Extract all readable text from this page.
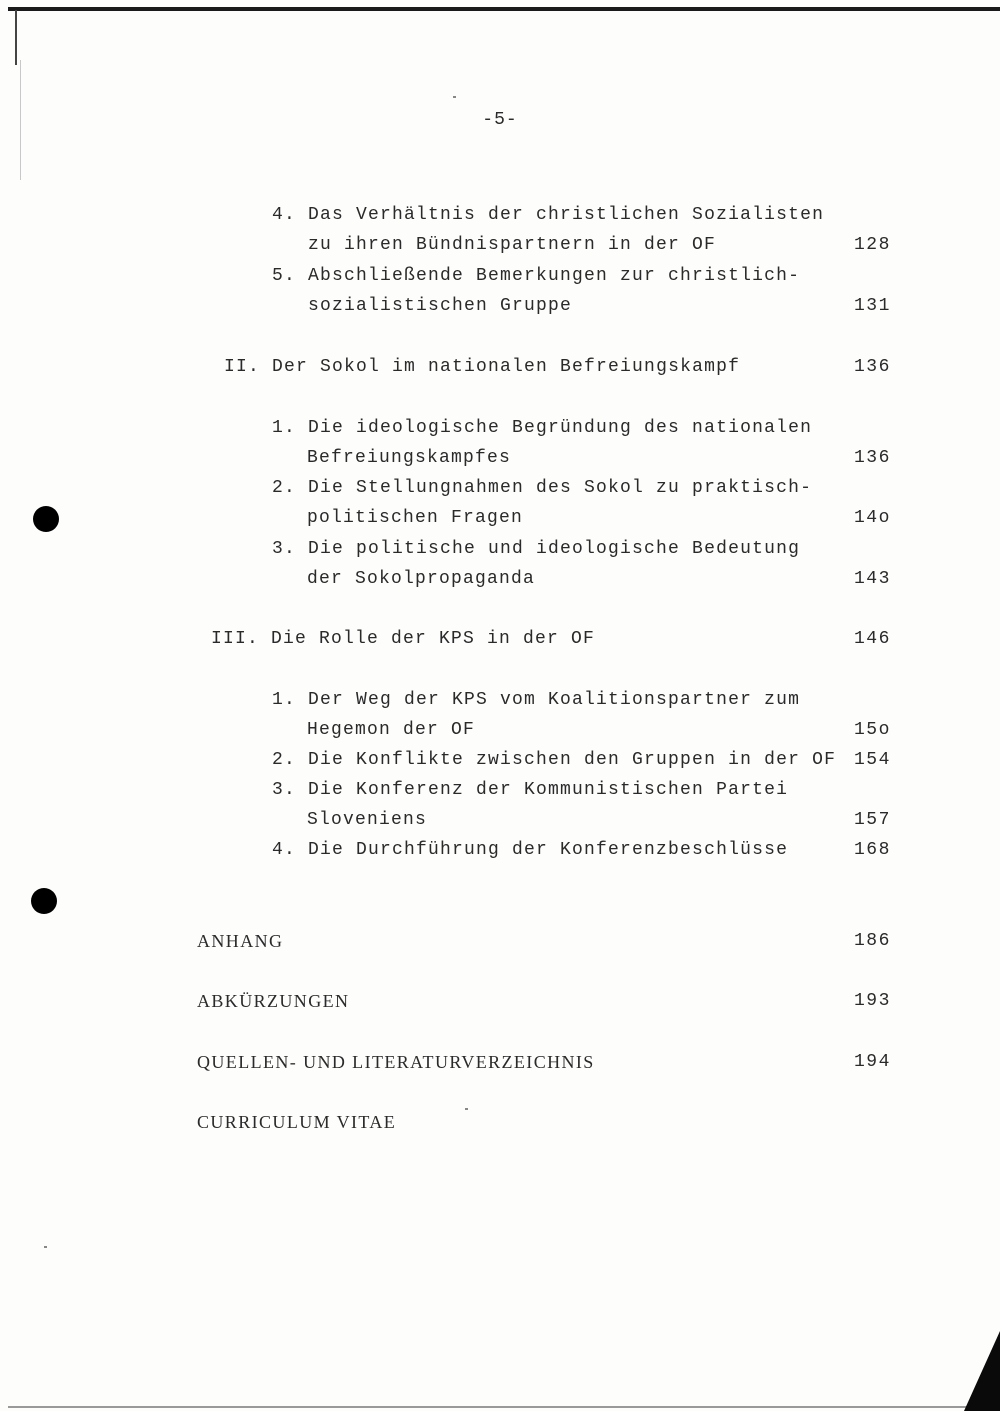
-5-
4. Das Verhältnis der christlichen Sozialisten
zu ihren Bündnispartnern in der OF	128
5. Abschließende Bemerkungen zur christlich-
sozialistischen Gruppe	131
II. Der Sokol im nationalen Befreiungskampf	136
1. Die ideologische Begründung des nationalen
Befreiungskampfes	136
2. Die Stellungnahmen des Sokol zu praktisch-
politischen Fragen	14o
3. Die politische und ideologische Bedeutung
der Sokolpropaganda	143
III. Die Rolle der KPS in der OF	146
1. Der Weg der KPS vom Koalitionspartner zum
Hegemon der OF	15o
2. Die Konflikte zwischen den Gruppen in der OF 154
3. Die Konferenz der Kommunistischen Partei
Sloveniens	157
4. Die Durchführung der Konferenzbeschlüsse	168
ANHANG	186
ABKÜRZUNGEN	193
QUELLEN- UND LITERATURVERZEICHNIS	194
CURRICULUM VITAE
